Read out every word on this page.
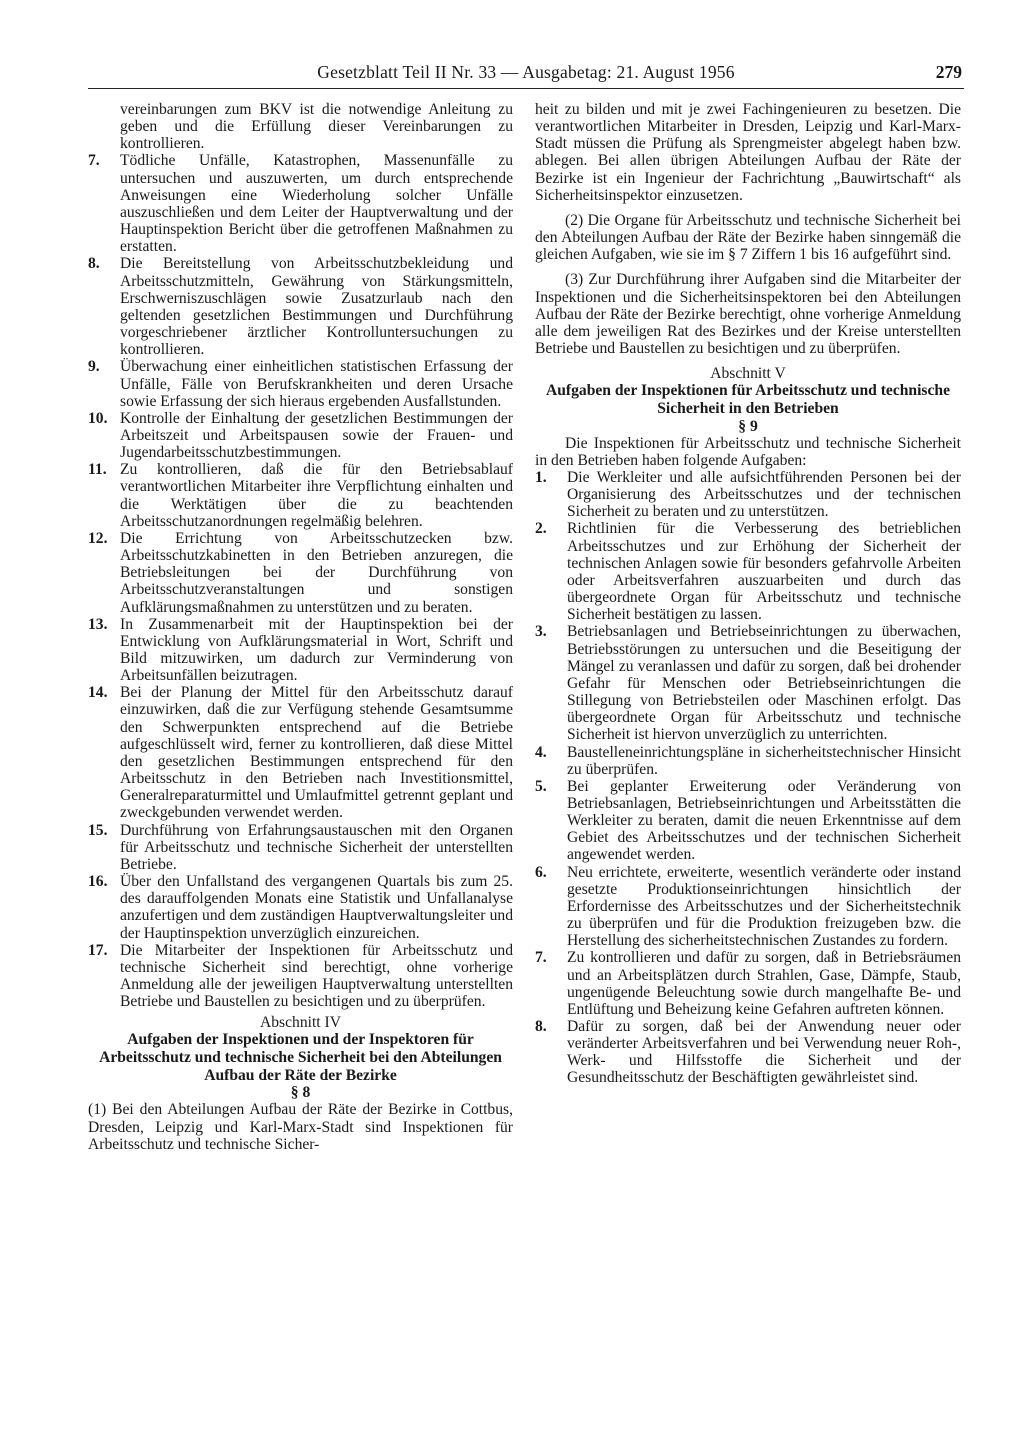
Gesetzblatt Teil II Nr. 33 — Ausgabetag: 21. August 1956	279

vereinbarungen zum BKV ist die notwendige Anleitung zu geben und die Erfüllung dieser Vereinbarungen zu kontrollieren.

7.	Tödliche Unfälle, Katastrophen, Massenunfälle zu untersuchen und auszuwerten, um durch entsprechende Anweisungen eine Wiederholung solcher Unfälle auszuschließen und dem Leiter der Hauptverwaltung und der Hauptinspektion Bericht über die getroffenen Maßnahmen zu erstatten.
8.	Die Bereitstellung von Arbeitsschutzbekleidung und Arbeitsschutzmitteln, Gewährung von Stärkungsmitteln, Erschwerniszuschlägen sowie Zusatzurlaub nach den geltenden gesetzlichen Bestimmungen und Durchführung vorgeschriebener ärztlicher Kontrolluntersuchungen zu kontrollieren.
9.	Überwachung einer einheitlichen statistischen Erfassung der Unfälle, Fälle von Berufskrankheiten und deren Ursache sowie Erfassung der sich hieraus ergebenden Ausfallstunden.
10. Kontrolle der Einhaltung der gesetzlichen Bestimmungen der Arbeitszeit und Arbeitspausen sowie der Frauen- und Jugendarbeitsschutzbestimmungen.
11. Zu kontrollieren, daß die für den Betriebsablauf verantwortlichen Mitarbeiter ihre Verpflichtung einhalten und die Werktätigen über die zu beachtenden Arbeitsschutzanordnungen regelmäßig belehren.
12. Die Errichtung von Arbeitsschutzecken bzw. Arbeitsschutzkabinetten in den Betrieben anzuregen, die Betriebsleitungen bei der Durchführung von Arbeitsschutzveranstaltungen und sonstigen Aufklärungsmaßnahmen zu unterstützen und zu beraten.
13. In Zusammenarbeit mit der Hauptinspektion bei der Entwicklung von Aufklärungsmaterial in Wort, Schrift und Bild mitzuwirken, um dadurch zur Verminderung von Arbeitsunfällen beizutragen.
14. Bei der Planung der Mittel für den Arbeitsschutz darauf einzuwirken, daß die zur Verfügung stehende Gesamtsumme den Schwerpunkten entsprechend auf die Betriebe aufgeschlüsselt wird, ferner zu kontrollieren, daß diese Mittel den gesetzlichen Bestimmungen entsprechend für den Arbeitsschutz in den Betrieben nach Investitionsmittel, Generalreparaturmittel und Umlaufmittel getrennt geplant und zweckgebunden verwendet werden.
15. Durchführung von Erfahrungsaustauschen mit den Organen für Arbeitsschutz und technische Sicherheit der unterstellten Betriebe.
16. Über den Unfallstand des vergangenen Quartals bis zum 25. des darauffolgenden Monats eine Statistik und Unfallanalyse anzufertigen und dem zuständigen Hauptverwaltungsleiter und der Hauptinspektion unverzüglich einzureichen.
17. Die Mitarbeiter der Inspektionen für Arbeitsschutz und technische Sicherheit sind berechtigt, ohne vorherige Anmeldung alle der jeweiligen Hauptverwaltung unterstellten Betriebe und Baustellen zu besichtigen und zu überprüfen.
Abschnitt IV
Aufgaben der Inspektionen und der Inspektoren für Arbeitsschutz und technische Sicherheit bei den Abteilungen Aufbau der Räte der Bezirke
§ 8

(1) Bei den Abteilungen Aufbau der Räte der Bezirke in Cottbus, Dresden, Leipzig und Karl-Marx-Stadt sind Inspektionen für Arbeitsschutz und technische Sicher-

heit zu bilden und mit je zwei Fachingenieuren zu besetzen. Die verantwortlichen Mitarbeiter in Dresden, Leipzig und Karl-Marx-Stadt müssen die Prüfung als Sprengmeister abgelegt haben bzw. ablegen. Bei allen übrigen Abteilungen Aufbau der Räte der Bezirke ist ein Ingenieur der Fachrichtung „Bauwirtschaft“ als Sicherheitsinspektor einzusetzen.

(2) Die Organe für Arbeitsschutz und technische Sicherheit bei den Abteilungen Aufbau der Räte der Bezirke haben sinngemäß die gleichen Aufgaben, wie sie im § 7 Ziffern 1 bis 16 aufgeführt sind.

(3) Zur Durchführung ihrer Aufgaben sind die Mitarbeiter der Inspektionen und die Sicherheitsinspektoren bei den Abteilungen Aufbau der Räte der Bezirke berechtigt, ohne vorherige Anmeldung alle dem jeweiligen Rat des Bezirkes und der Kreise unterstellten Betriebe und Baustellen zu besichtigen und zu überprüfen.

Abschnitt V
Aufgaben der Inspektionen für Arbeitsschutz und technische Sicherheit in den Betrieben
§ 9

Die Inspektionen für Arbeitsschutz und technische Sicherheit in den Betrieben haben folgende Aufgaben:

1.	Die Werkleiter und alle aufsichtführenden Personen bei der Organisierung des Arbeitsschutzes und der technischen Sicherheit zu beraten und zu unterstützen.
2.	Richtlinien für die Verbesserung des betrieblichen Arbeitsschutzes und zur Erhöhung der Sicherheit der technischen Anlagen sowie für besonders gefahrvolle Arbeiten oder Arbeitsverfahren auszuarbeiten und durch das übergeordnete Organ für Arbeitsschutz und technische Sicherheit bestätigen zu lassen.
3.	Betriebsanlagen und Betriebseinrichtungen zu überwachen, Betriebsstörungen zu untersuchen und die Beseitigung der Mängel zu veranlassen und dafür zu sorgen, daß bei drohender Gefahr für Menschen oder Betriebseinrichtungen die Stillegung von Betriebsteilen oder Maschinen erfolgt. Das übergeordnete Organ für Arbeitsschutz und technische Sicherheit ist hiervon unverzüglich zu unterrichten.
4.	Baustelleneinrichtungspläne in sicherheitstechnischer Hinsicht zu überprüfen.
5.	Bei geplanter Erweiterung oder Veränderung von Betriebsanlagen, Betriebseinrichtungen und Arbeitsstätten die Werkleiter zu beraten, damit die neuen Erkenntnisse auf dem Gebiet des Arbeitsschutzes und der technischen Sicherheit angewendet werden.
6.	Neu errichtete, erweiterte, wesentlich veränderte oder instand gesetzte Produktionseinrichtungen hinsichtlich der Erfordernisse des Arbeitsschutzes und der Sicherheitstechnik zu überprüfen und für die Produktion freizugeben bzw. die Herstellung des sicherheitstechnischen Zustandes zu fordern.
7.	Zu kontrollieren und dafür zu sorgen, daß in Betriebsräumen und an Arbeitsplätzen durch Strahlen, Gase, Dämpfe, Staub, ungenügende Beleuchtung sowie durch mangelhafte Be- und Entlüftung und Beheizung keine Gefahren auftreten können.
8.	Dafür zu sorgen, daß bei der Anwendung neuer oder veränderter Arbeitsverfahren und bei Verwendung neuer Roh-, Werk- und Hilfsstoffe die Sicherheit und der Gesundheitsschutz der Beschäftigten gewährleistet sind.
